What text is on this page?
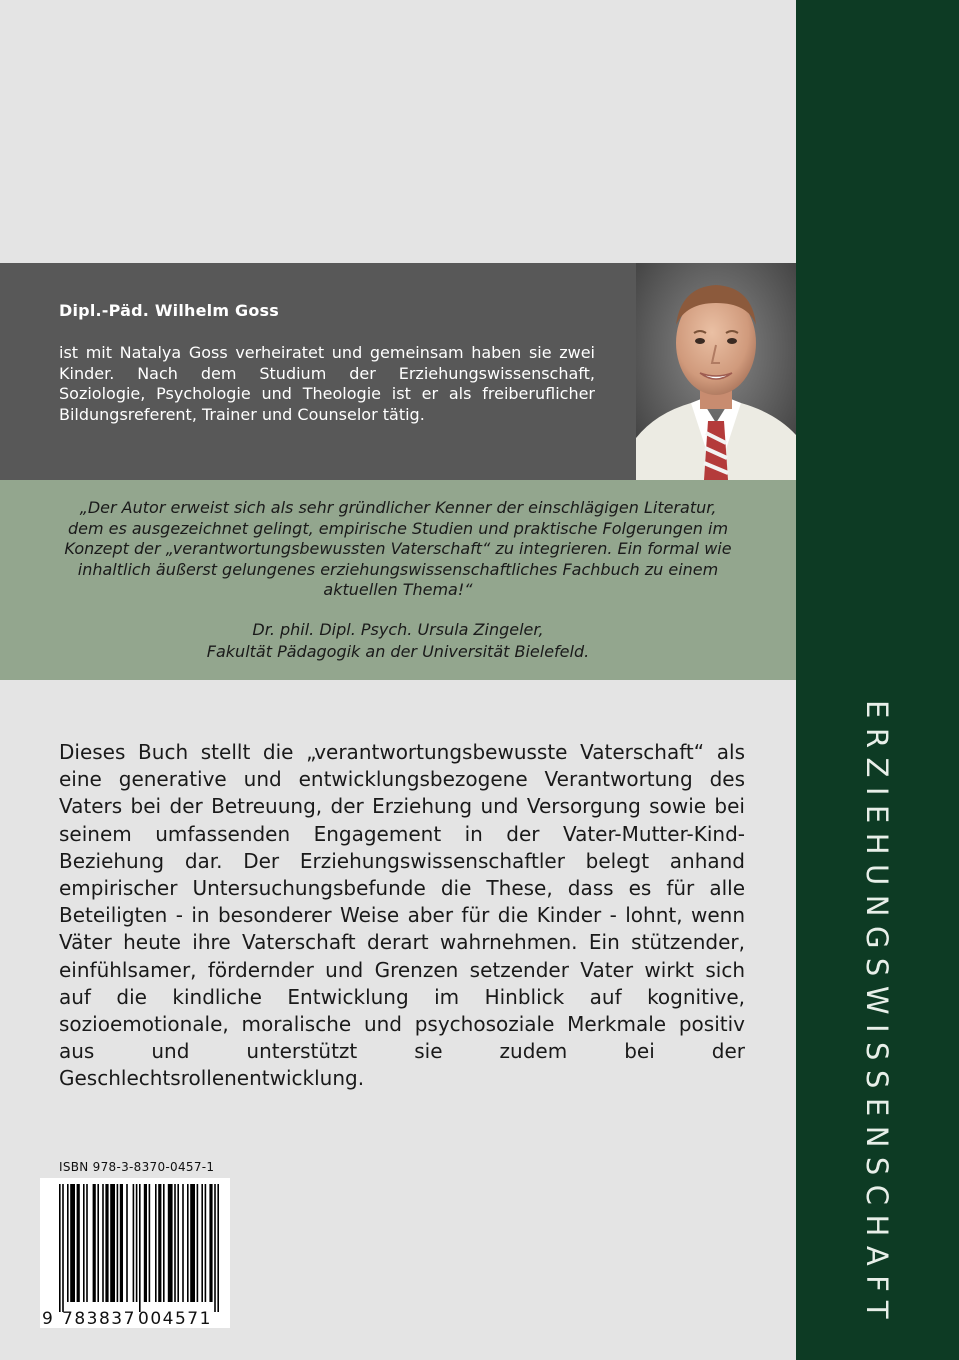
ERZIEHUNGSWISSENSCHAFT
Dipl.-Päd. Wilhelm Goss

ist mit Natalya Goss verheiratet und gemeinsam haben sie zwei Kinder. Nach dem Studium der Erziehungswissenschaft, Soziologie, Psychologie und Theologie ist er als freiberuflicher Bildungsreferent, Trainer und Counselor tätig.

„Der Autor erweist sich als sehr gründlicher Kenner der einschlägigen Literatur, dem es ausgezeichnet gelingt, empirische Studien und praktische Folgerungen im Konzept der „verantwortungsbewussten Vaterschaft“ zu integrieren. Ein formal wie inhaltlich äußerst gelungenes erziehungswissenschaftliches Fachbuch zu einem aktuellen Thema!“

Dr. phil. Dipl. Psych. Ursula Zingeler,
Fakultät Pädagogik an der Universität Bielefeld.

Dieses Buch stellt die „verantwortungsbewusste Vaterschaft“ als eine generative und entwicklungsbezogene Verantwortung des Vaters bei der Betreuung, der Erziehung und Versorgung sowie bei seinem umfassenden Engagement in der Vater-Mutter-Kind-Beziehung dar. Der Erziehungswissenschaftler belegt anhand empirischer Untersuchungsbefunde die These, dass es für alle Beteiligten - in besonderer Weise aber für die Kinder - lohnt, wenn Väter heute ihre Vaterschaft derart wahrnehmen. Ein stützender, einfühlsamer, fördernder und Grenzen setzender Vater wirkt sich auf die kindliche Entwicklung im Hinblick auf kognitive, sozioemotionale, moralische und psychosoziale Merkmale positiv aus und unterstützt sie zudem bei der Geschlechtsrollenentwicklung.

ISBN 978-3-8370-0457-1
9 783837 004571
